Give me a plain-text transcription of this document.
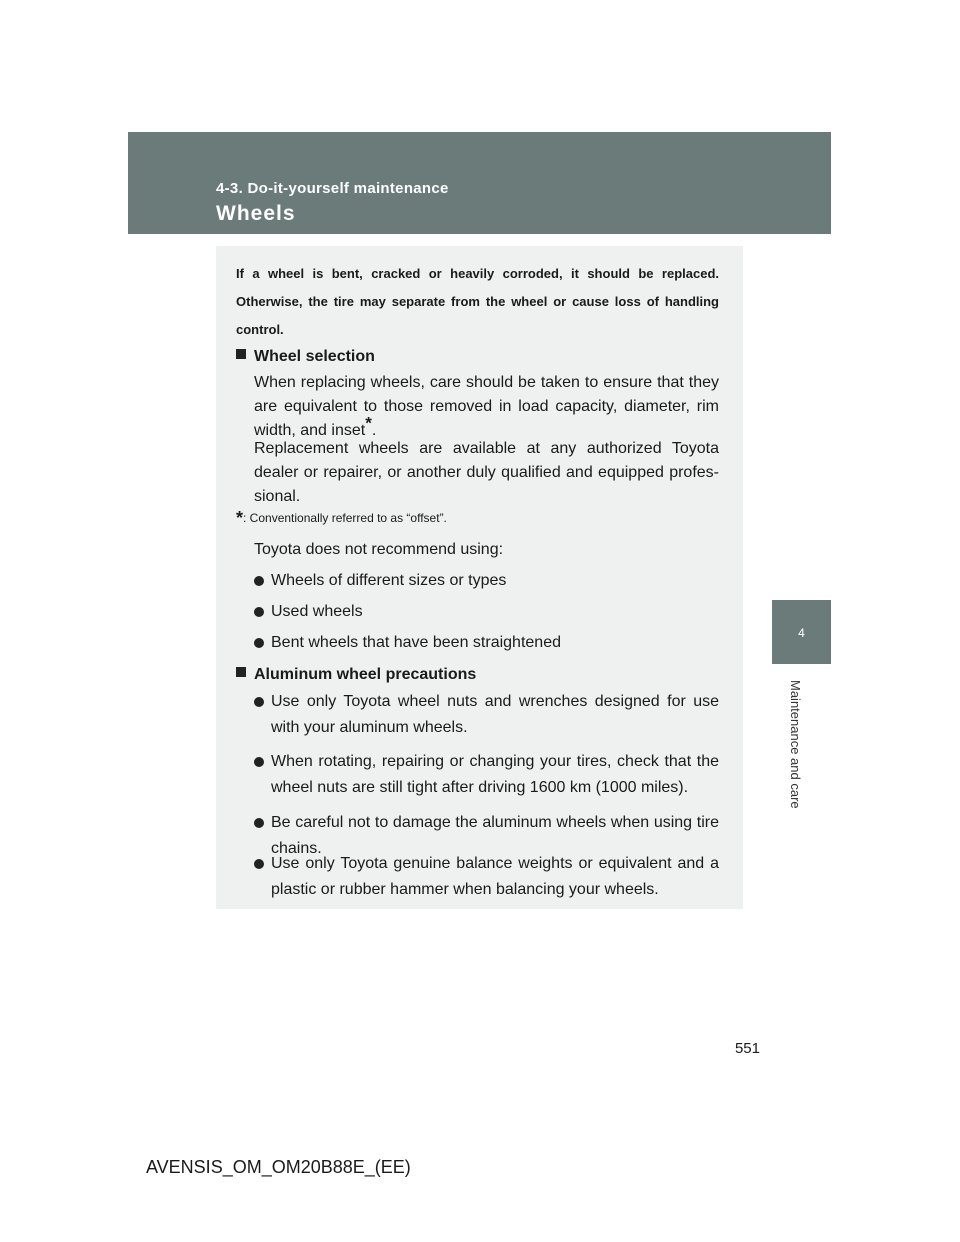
4-3. Do-it-yourself maintenance
Wheels
4
Maintenance and care
If a wheel is bent, cracked or heavily corroded, it should be replaced. Otherwise, the tire may separate from the wheel or cause loss of handling control.
Wheel selection
When replacing wheels, care should be taken to ensure that they are equivalent to those removed in load capacity, diameter, rim width, and inset*.
Replacement wheels are available at any authorized Toyota dealer or repairer, or another duly qualified and equipped profes-sional.
*: Conventionally referred to as “offset”.
Toyota does not recommend using:
Wheels of different sizes or types
Used wheels
Bent wheels that have been straightened
Aluminum wheel precautions
Use only Toyota wheel nuts and wrenches designed for use with your aluminum wheels.
When rotating, repairing or changing your tires, check that the wheel nuts are still tight after driving 1600 km (1000 miles).
Be careful not to damage the aluminum wheels when using tire chains.
Use only Toyota genuine balance weights or equivalent and a plastic or rubber hammer when balancing your wheels.
551
AVENSIS_OM_OM20B88E_(EE)
